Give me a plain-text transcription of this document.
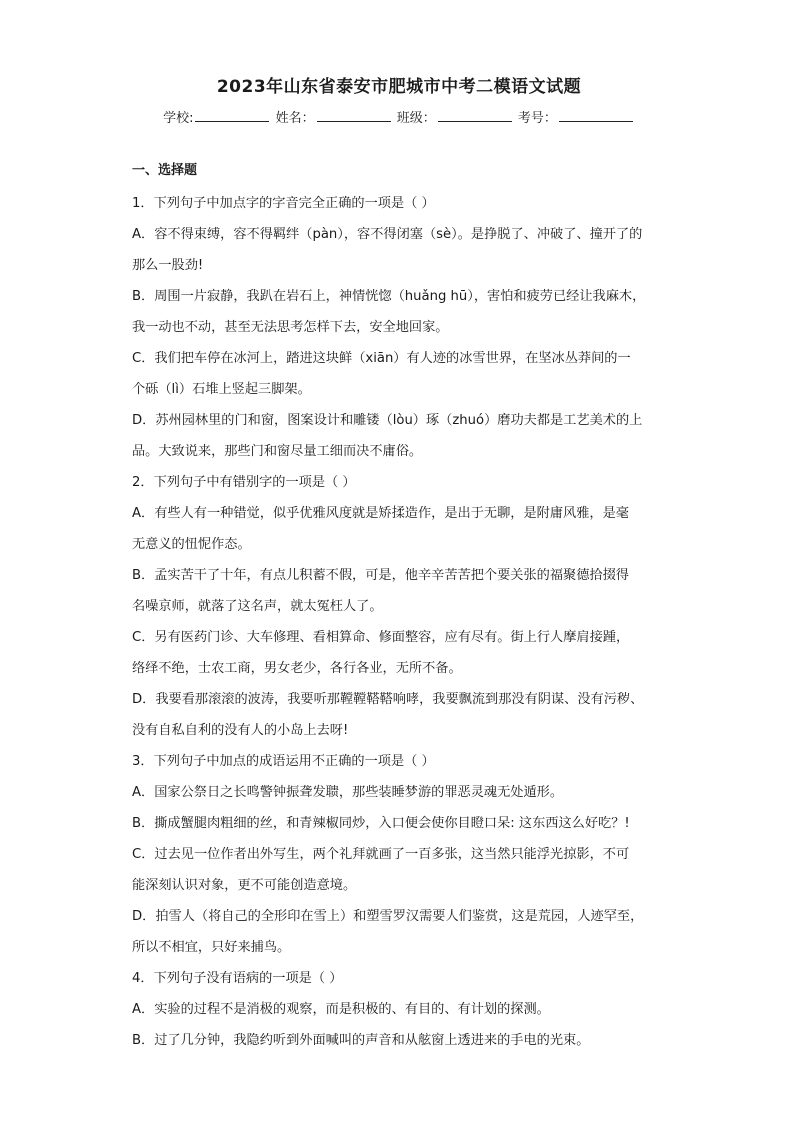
2023年山东省泰安市肥城市中考二模语文试题
学校:	姓名：	班级：	考号：
一、选择题
1．下列句子中加点字的字音完全正确的一项是（ ）
A．容不得束缚，容不得羁绊（pàn），容不得闭塞（sè）。是挣脱了、冲破了、撞开了的
那么一股劲!
B．周围一片寂静，我趴在岩石上，神情恍惚（huǎng hū），害怕和疲劳已经让我麻木，
我一动也不动，甚至无法思考怎样下去，安全地回家。
C．我们把车停在冰河上，踏进这块鲜（xiān）有人迹的冰雪世界，在坚冰丛莽间的一
个砾（lì）石堆上竖起三脚架。
D．苏州园林里的门和窗，图案设计和雕镂（lòu）琢（zhuó）磨功夫都是工艺美术的上
品。大致说来，那些门和窗尽量工细而决不庸俗。
2．下列句子中有错别字的一项是（ ）
A．有些人有一种错觉，似乎优雅风度就是矫揉造作，是出于无聊，是附庸风雅，是毫
无意义的忸怩作态。
B．孟实苦干了十年，有点儿积蓄不假，可是，他辛辛苦苦把个要关张的福聚德拾掇得
名噪京师，就落了这名声，就太冤枉人了。
C．另有医药门诊、大车修理、看相算命、修面整容，应有尽有。街上行人摩肩接踵，
络绎不绝，士农工商，男女老少，各行各业，无所不备。
D．我要看那滚滚的波涛，我要听那鞺鞺鞳鞳响哮，我要飘流到那没有阴谋、没有污秽、
没有自私自利的没有人的小岛上去呀!
3．下列句子中加点的成语运用不正确的一项是（ ）
A．国家公祭日之长鸣警钟振聋发聩，那些装睡梦游的罪恶灵魂无处遁形。
B．撕成蟹腿肉粗细的丝，和青辣椒同炒，入口便会使你目瞪口呆: 这东西这么好吃？!
C．过去见一位作者出外写生，两个礼拜就画了一百多张，这当然只能浮光掠影，不可
能深刻认识对象，更不可能创造意境。
D．拍雪人（将自己的全形印在雪上）和塑雪罗汉需要人们鉴赏，这是荒园，人迹罕至，
所以不相宜，只好来捕鸟。
4．下列句子没有语病的一项是（ ）
A．实验的过程不是消极的观察，而是积极的、有目的、有计划的探测。
B．过了几分钟，我隐约听到外面喊叫的声音和从舷窗上透进来的手电的光束。
